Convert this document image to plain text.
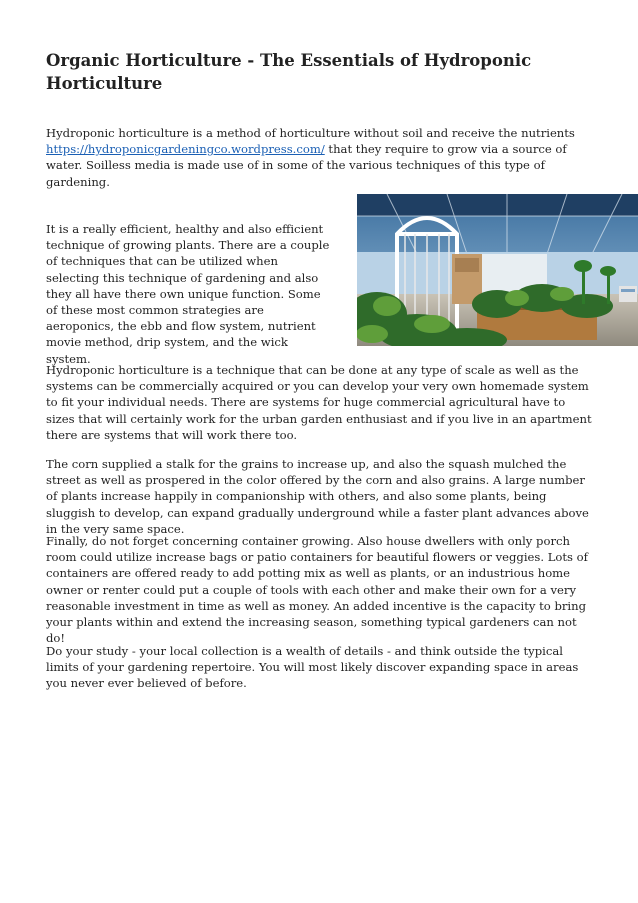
Organic Horticulture - The Essentials of Hydroponic Horticulture

Hydroponic horticulture is a method of horticulture without soil and receive the nutrients https://hydroponicgardeningco.wordpress.com/ that they require to grow via a source of water. Soilless media is made use of in some of the various techniques of this type of gardening.

It is a really efficient, healthy and also efficient technique of growing plants. There are a couple of techniques that can be utilized when selecting this technique of gardening and also they all have there own unique function. Some of these most common strategies are aeroponics, the ebb and flow system, nutrient movie method, drip system, and the wick system.

Hydroponic horticulture is a technique that can be done at any type of scale as well as the systems can be commercially acquired or you can develop your very own homemade system to fit your individual needs. There are systems for huge commercial agricultural have to sizes that will certainly work for the urban garden enthusiast and if you live in an apartment there are systems that will work there too.

The corn supplied a stalk for the grains to increase up, and also the squash mulched the street as well as prospered in the color offered by the corn and also grains. A large number of plants increase happily in companionship with others, and also some plants, being sluggish to develop, can expand gradually underground while a faster plant advances above in the very same space.

Finally, do not forget concerning container growing. Also house dwellers with only porch room could utilize increase bags or patio containers for beautiful flowers or veggies. Lots of containers are offered ready to add potting mix as well as plants, or an industrious home owner or renter could put a couple of tools with each other and make their own for a very reasonable investment in time as well as money. An added incentive is the capacity to bring your plants within and extend the increasing season, something typical gardeners can not do!

Do your study - your local collection is a wealth of details - and think outside the typical limits of your gardening repertoire. You will most likely discover expanding space in areas you never ever believed of before.
